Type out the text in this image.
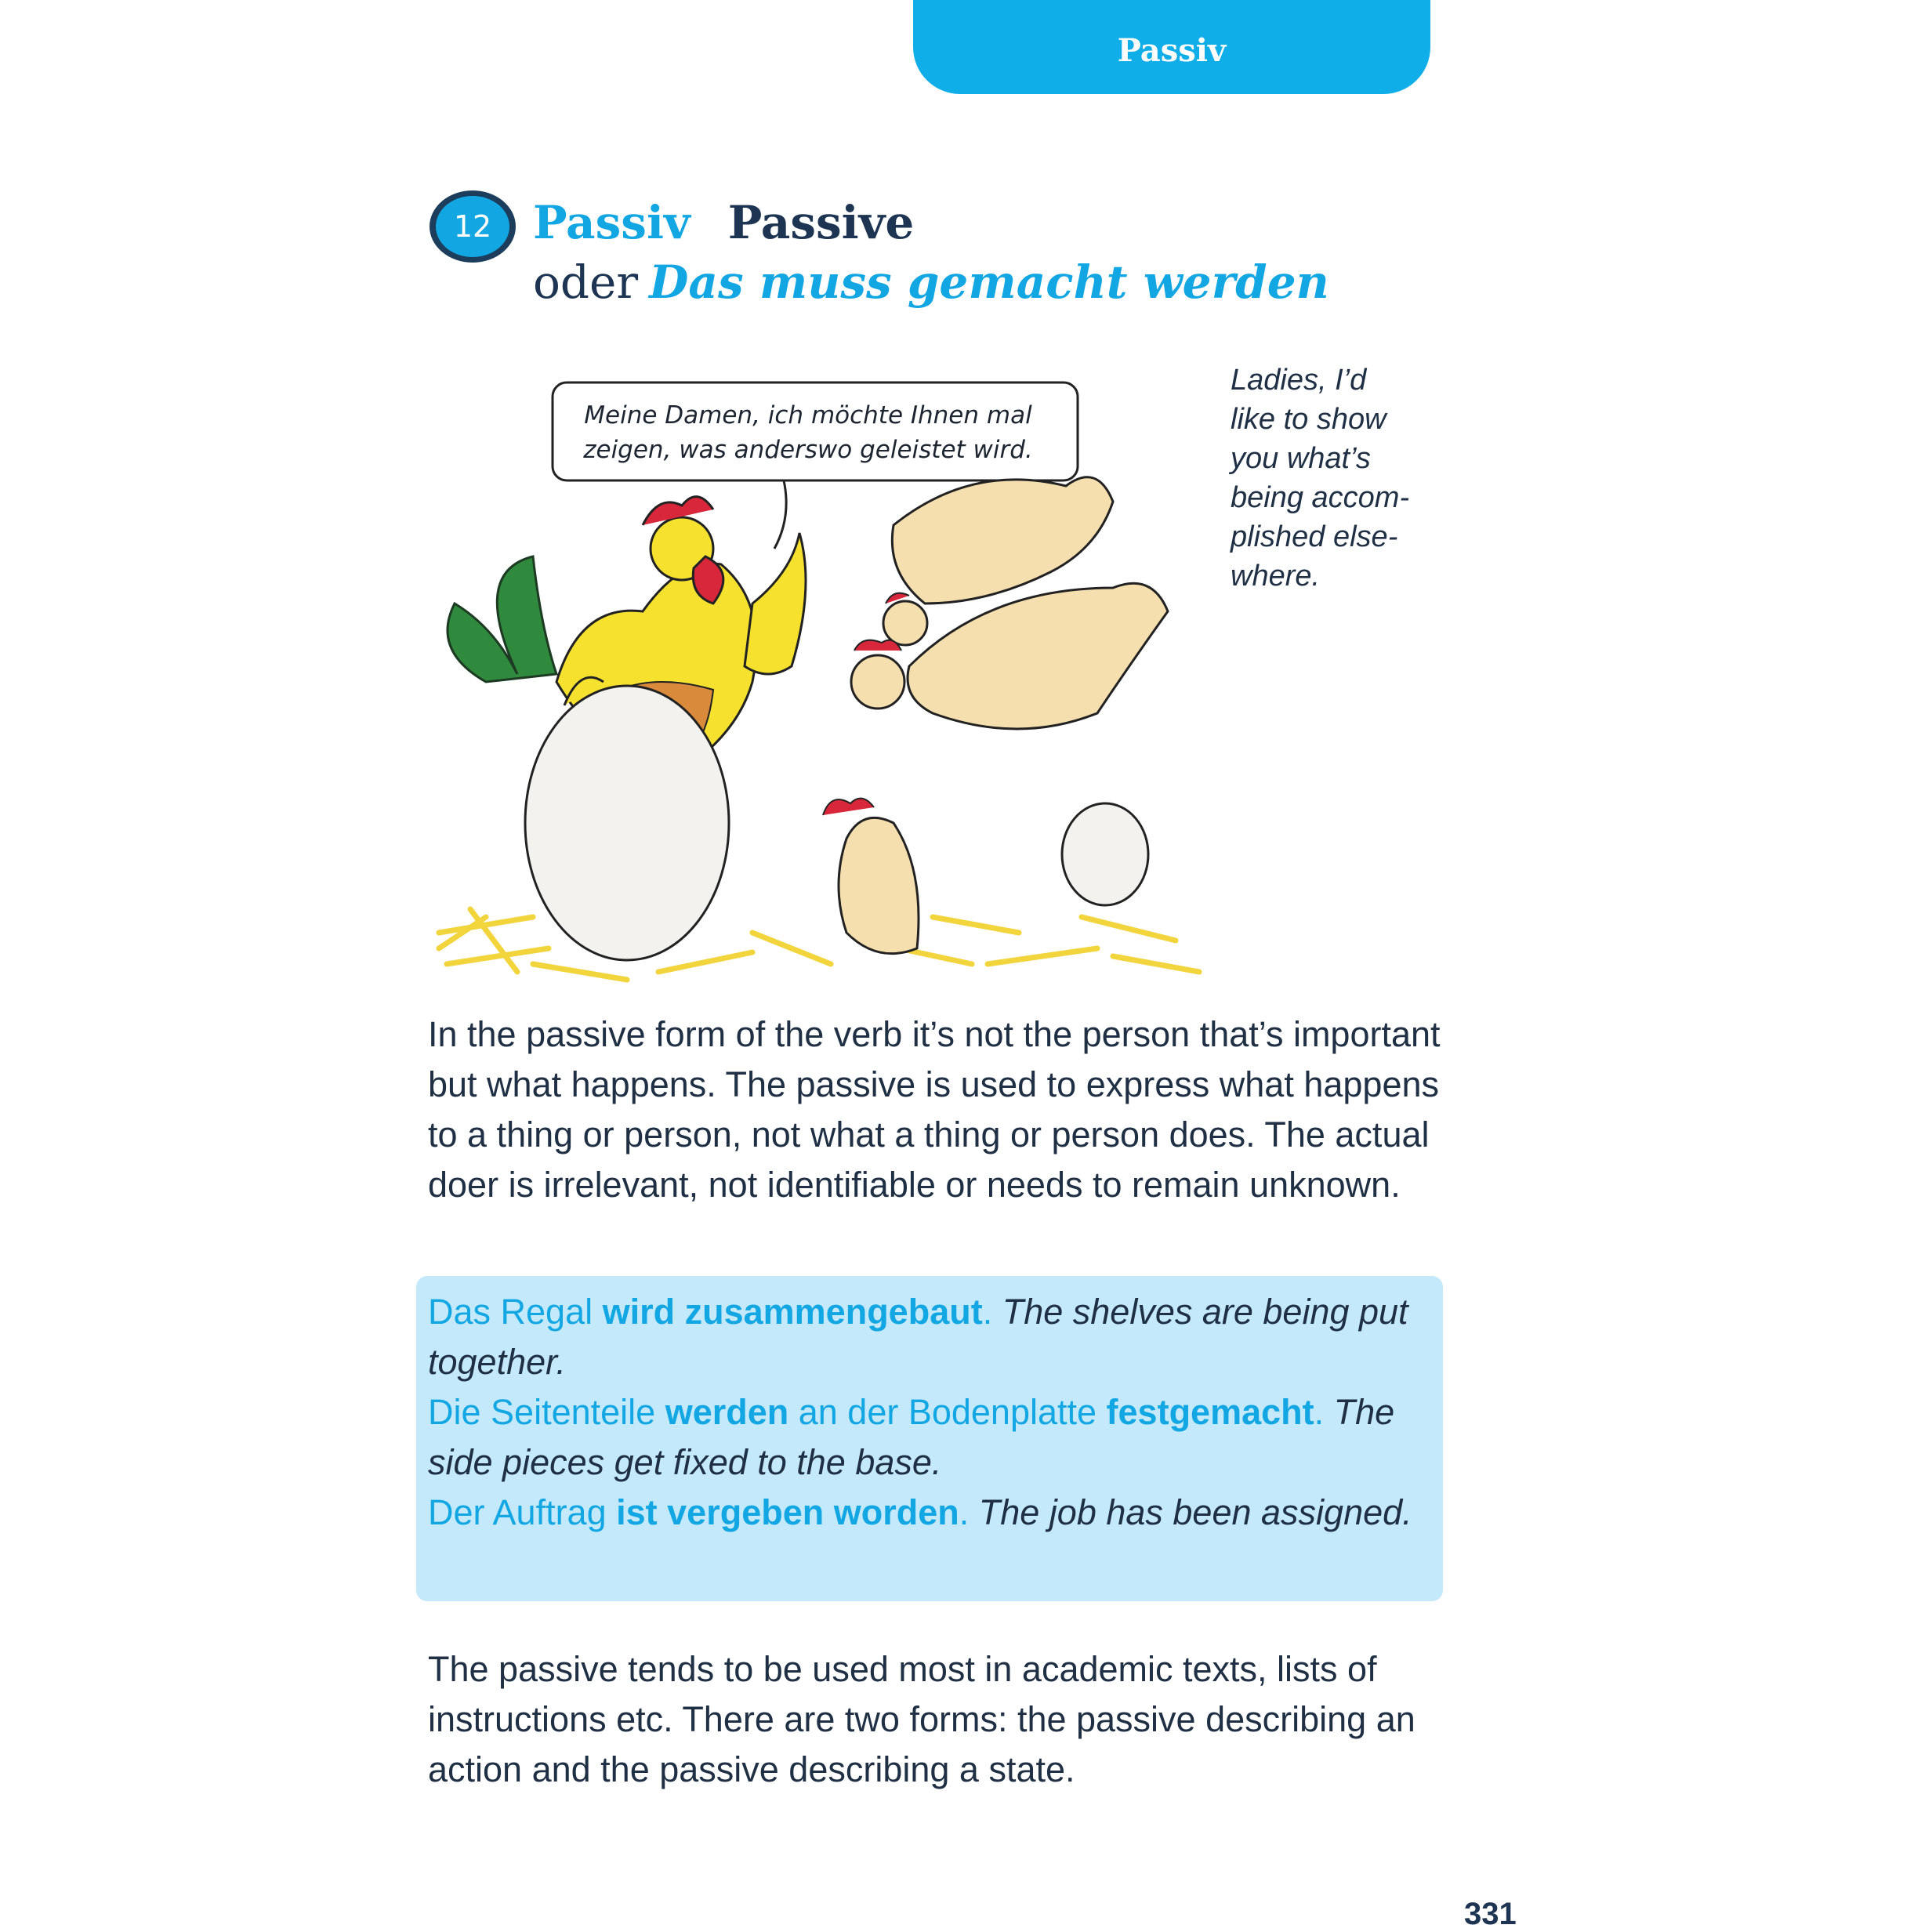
Passiv
12 Passiv Passive
oder Das muss gemacht werden
Meine Damen, ich möchte Ihnen mal
zeigen, was anderswo geleistet wird.
Ladies, I’d
like to show
you what’s
being accom-
plished else-
where.
In the passive form of the verb it’s not the person that’s important but what happens. The passive is used to express what happens to a thing or person, not what a thing or person does. The actual doer is irrelevant, not identifiable or needs to remain unknown.
Das Regal wird zusammengebaut. The shelves are being put together.
Die Seitenteile werden an der Bodenplatte festgemacht. The side pieces get fixed to the base.
Der Auftrag ist vergeben worden. The job has been assigned.
The passive tends to be used most in academic texts, lists of instructions etc. There are two forms: the passive describing an action and the passive describing a state.
331
